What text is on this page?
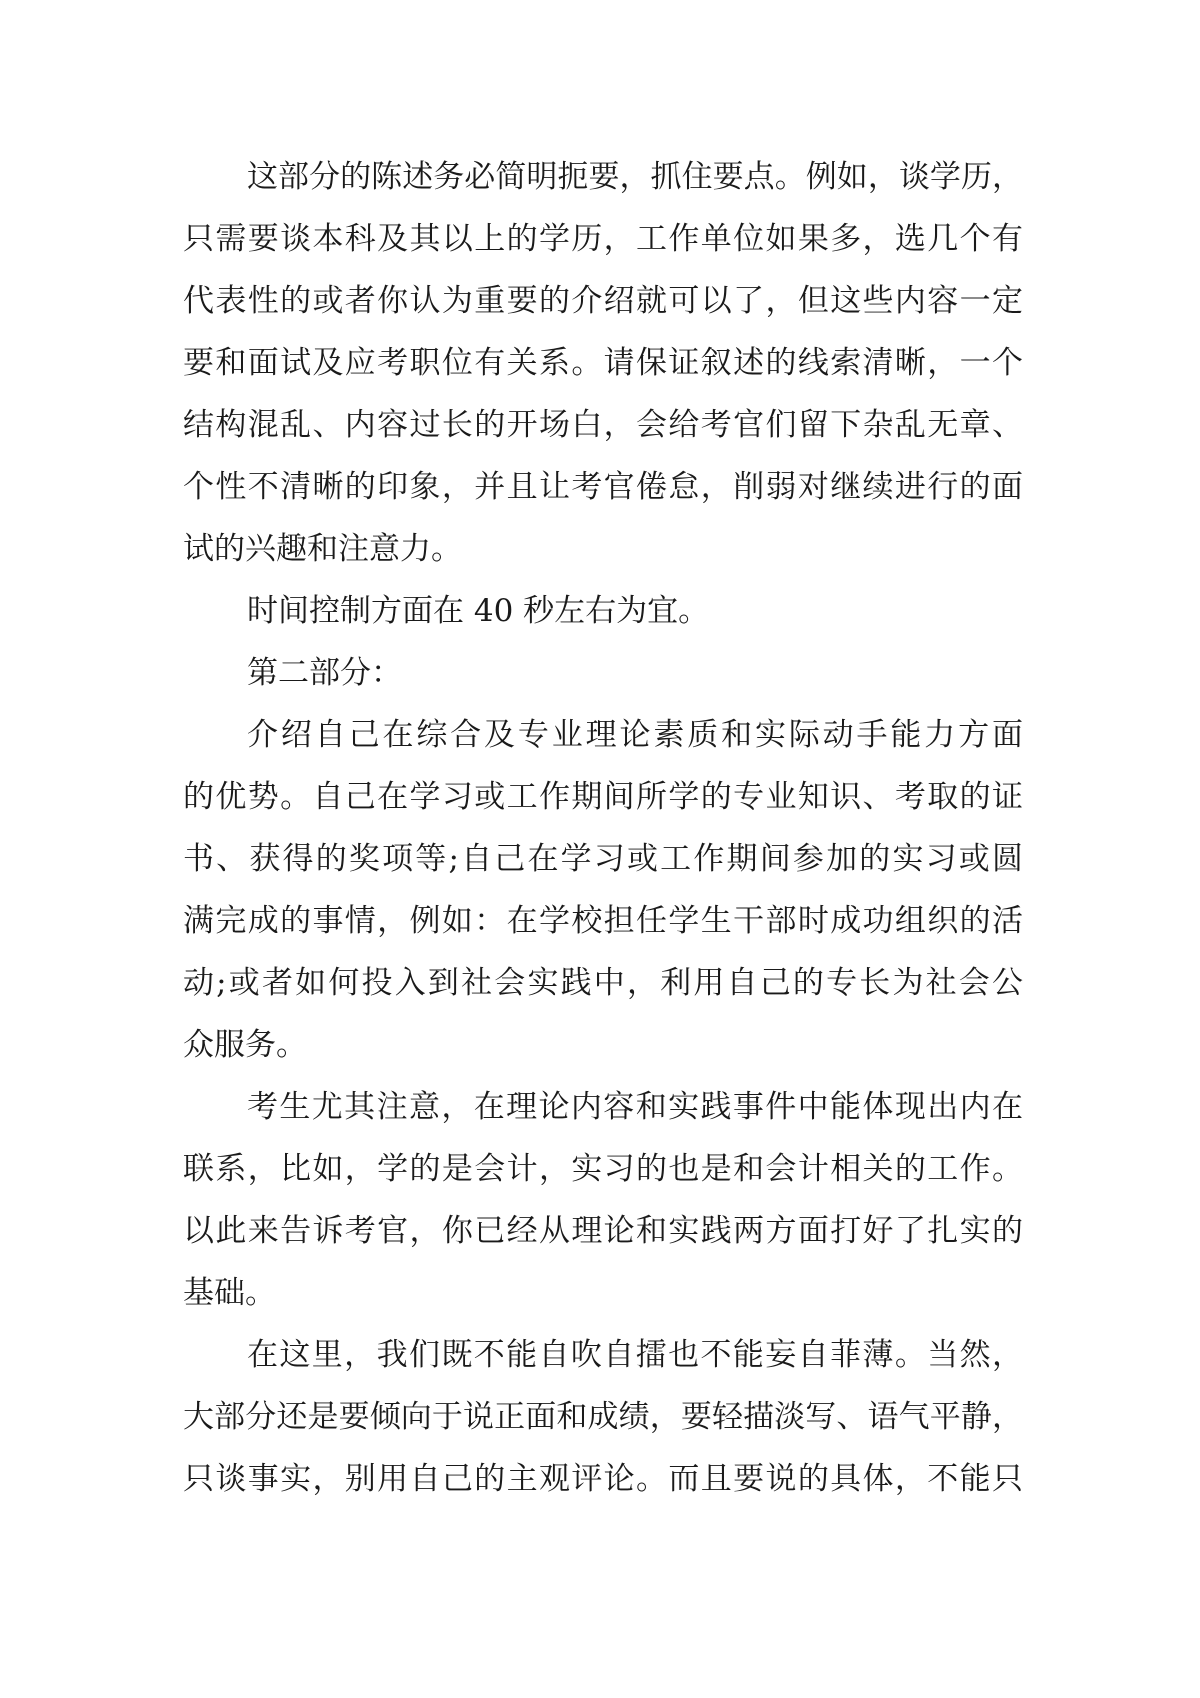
这部分的陈述务必简明扼要，抓住要点。例如，谈学历，
只需要谈本科及其以上的学历，工作单位如果多，选几个有
代表性的或者你认为重要的介绍就可以了，但这些内容一定
要和面试及应考职位有关系。请保证叙述的线索清晰，一个
结构混乱、内容过长的开场白，会给考官们留下杂乱无章、
个性不清晰的印象，并且让考官倦怠，削弱对继续进行的面
试的兴趣和注意力。
时间控制方面在 40 秒左右为宜。
第二部分：
介绍自己在综合及专业理论素质和实际动手能力方面
的优势。自己在学习或工作期间所学的专业知识、考取的证
书、获得的奖项等;自己在学习或工作期间参加的实习或圆
满完成的事情，例如：在学校担任学生干部时成功组织的活
动;或者如何投入到社会实践中，利用自己的专长为社会公
众服务。
考生尤其注意，在理论内容和实践事件中能体现出内在
联系，比如，学的是会计，实习的也是和会计相关的工作。
以此来告诉考官，你已经从理论和实践两方面打好了扎实的
基础。
在这里，我们既不能自吹自擂也不能妄自菲薄。当然，
大部分还是要倾向于说正面和成绩，要轻描淡写、语气平静，
只谈事实，别用自己的主观评论。而且要说的具体，不能只
